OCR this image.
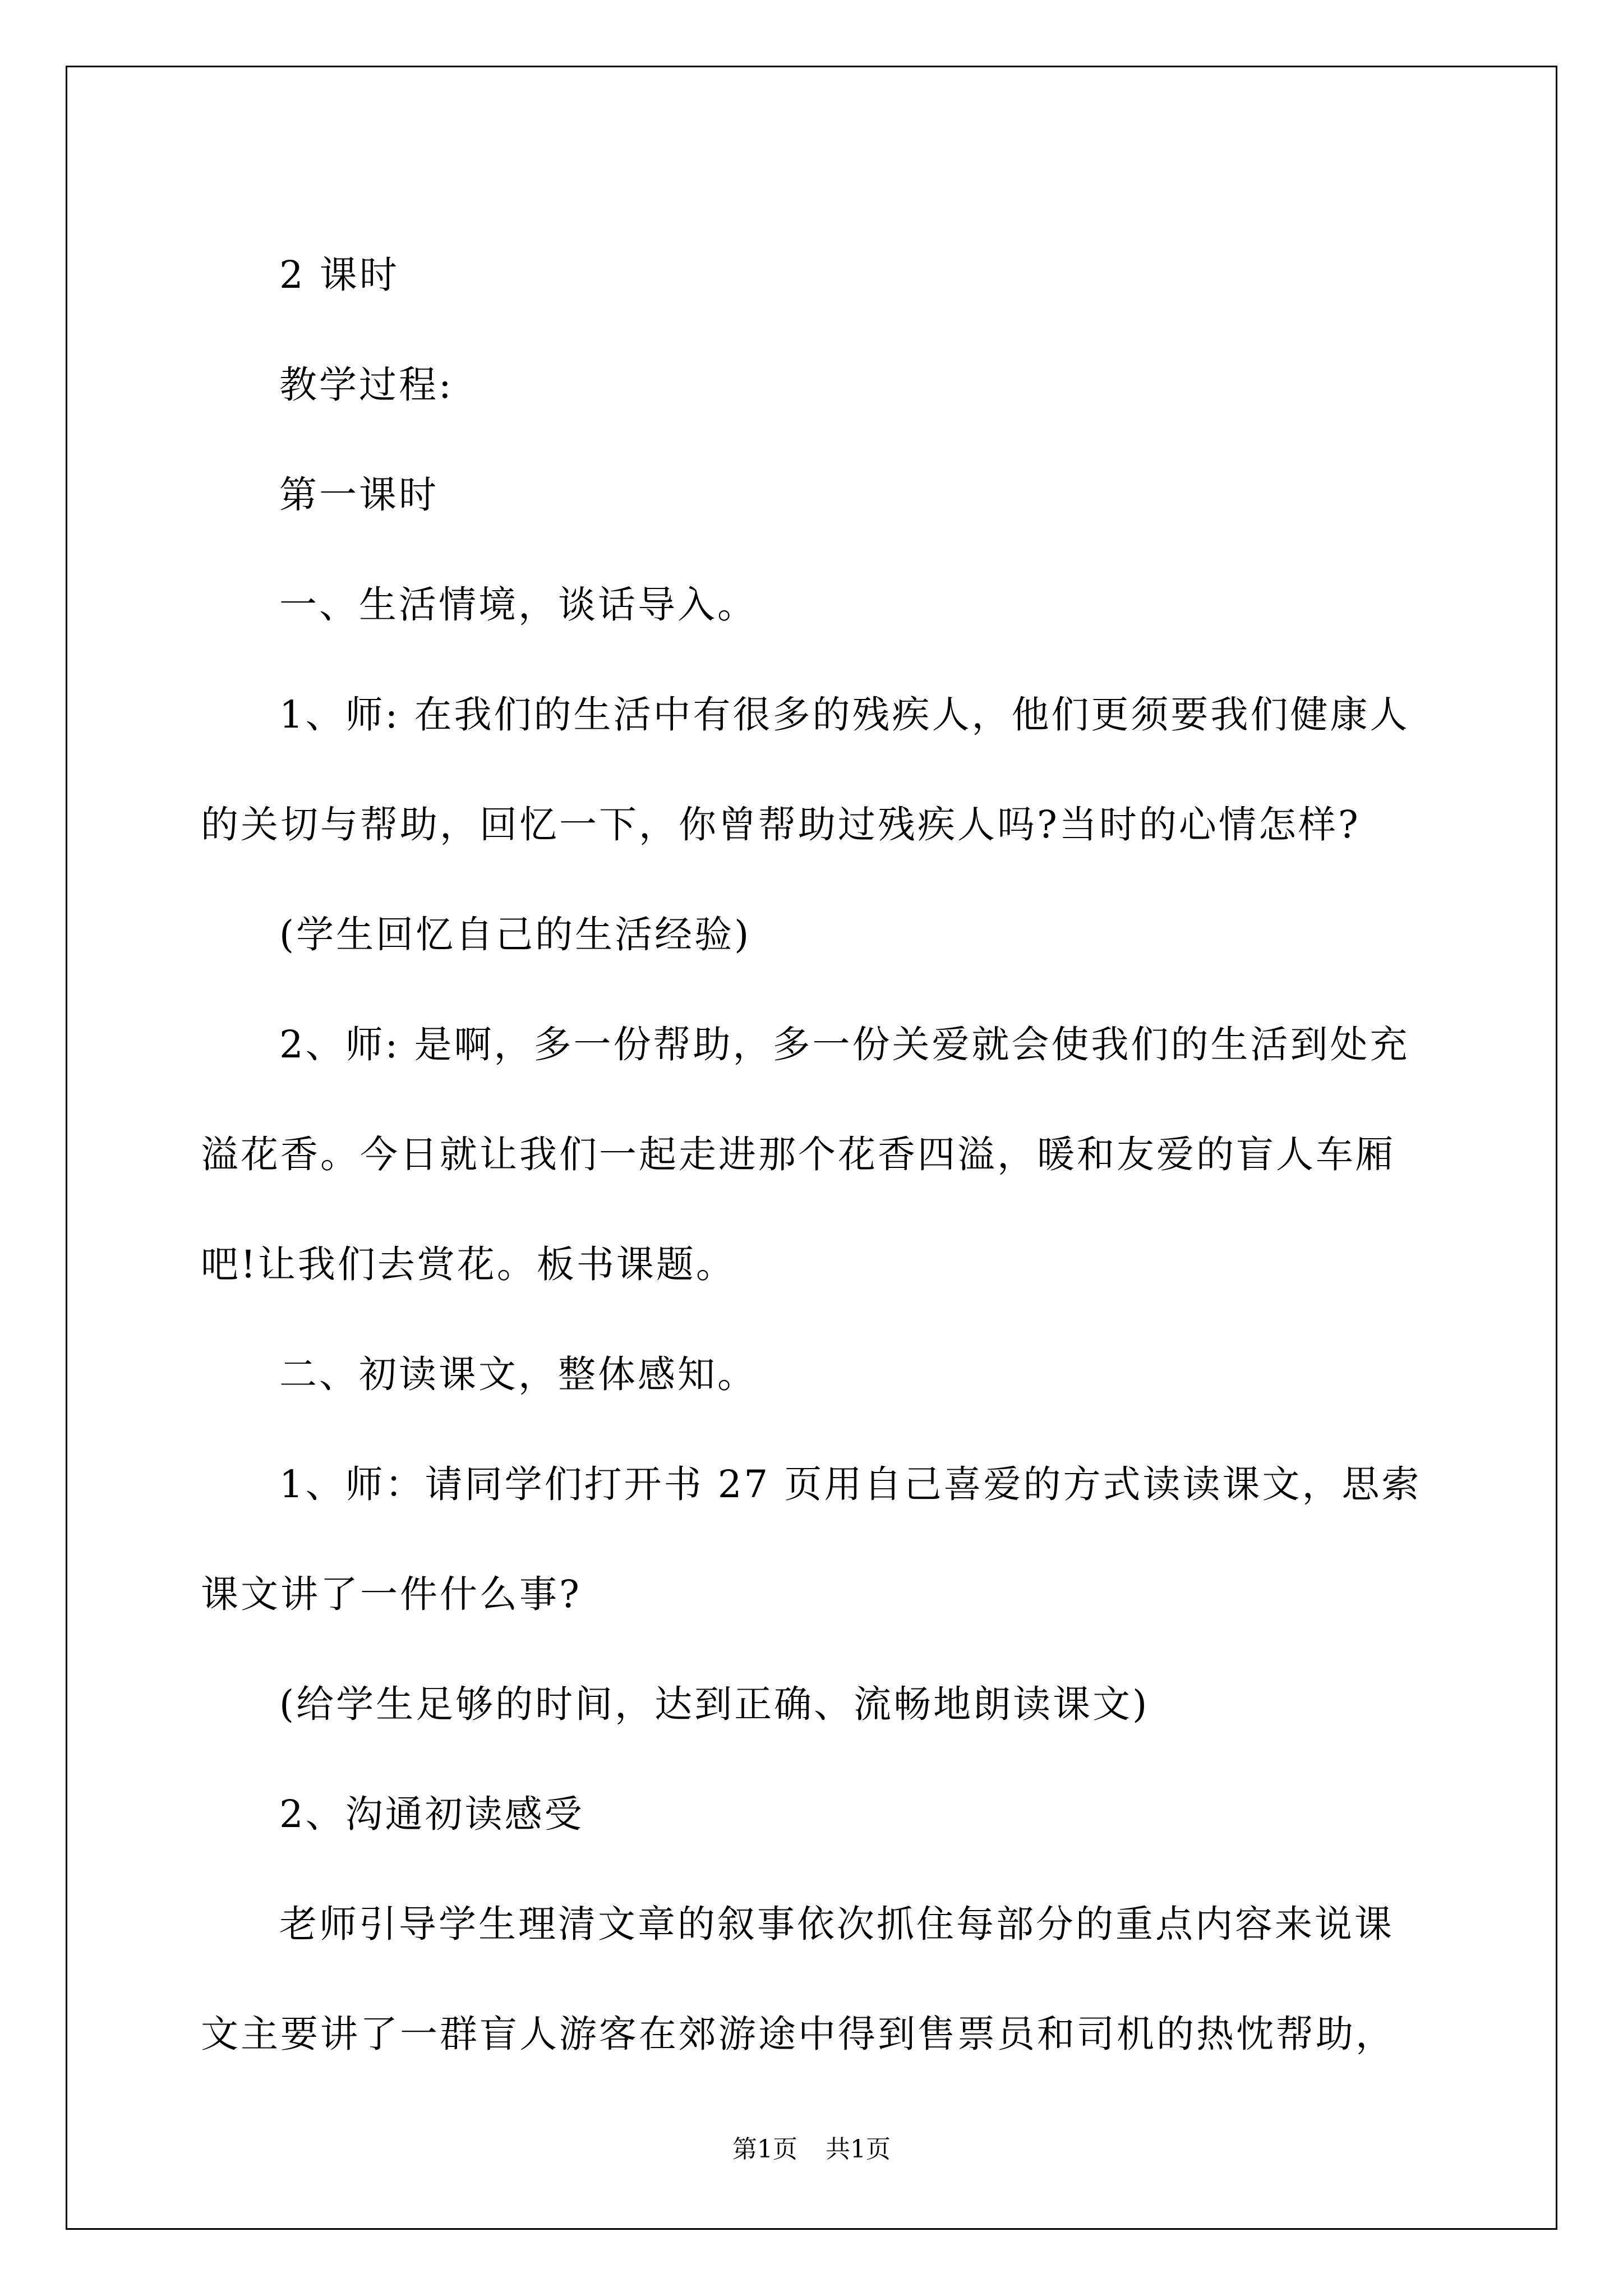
2 课时

教学过程:

第一课时

一、生活情境，谈话导入。

1、师: 在我们的生活中有很多的残疾人，他们更须要我们健康人的关切与帮助，回忆一下，你曾帮助过残疾人吗?当时的心情怎样?

(学生回忆自己的生活经验)

2、师: 是啊，多一份帮助，多一份关爱就会使我们的生活到处充溢花香。今日就让我们一起走进那个花香四溢，暖和友爱的盲人车厢吧!让我们去赏花。板书课题。

二、初读课文，整体感知。

1、师：请同学们打开书 27 页用自己喜爱的方式读读课文，思索课文讲了一件什么事?

(给学生足够的时间，达到正确、流畅地朗读课文)

2、沟通初读感受

老师引导学生理清文章的叙事依次抓住每部分的重点内容来说课文主要讲了一群盲人游客在郊游途中得到售票员和司机的热忱帮助，

第1页 共1页
